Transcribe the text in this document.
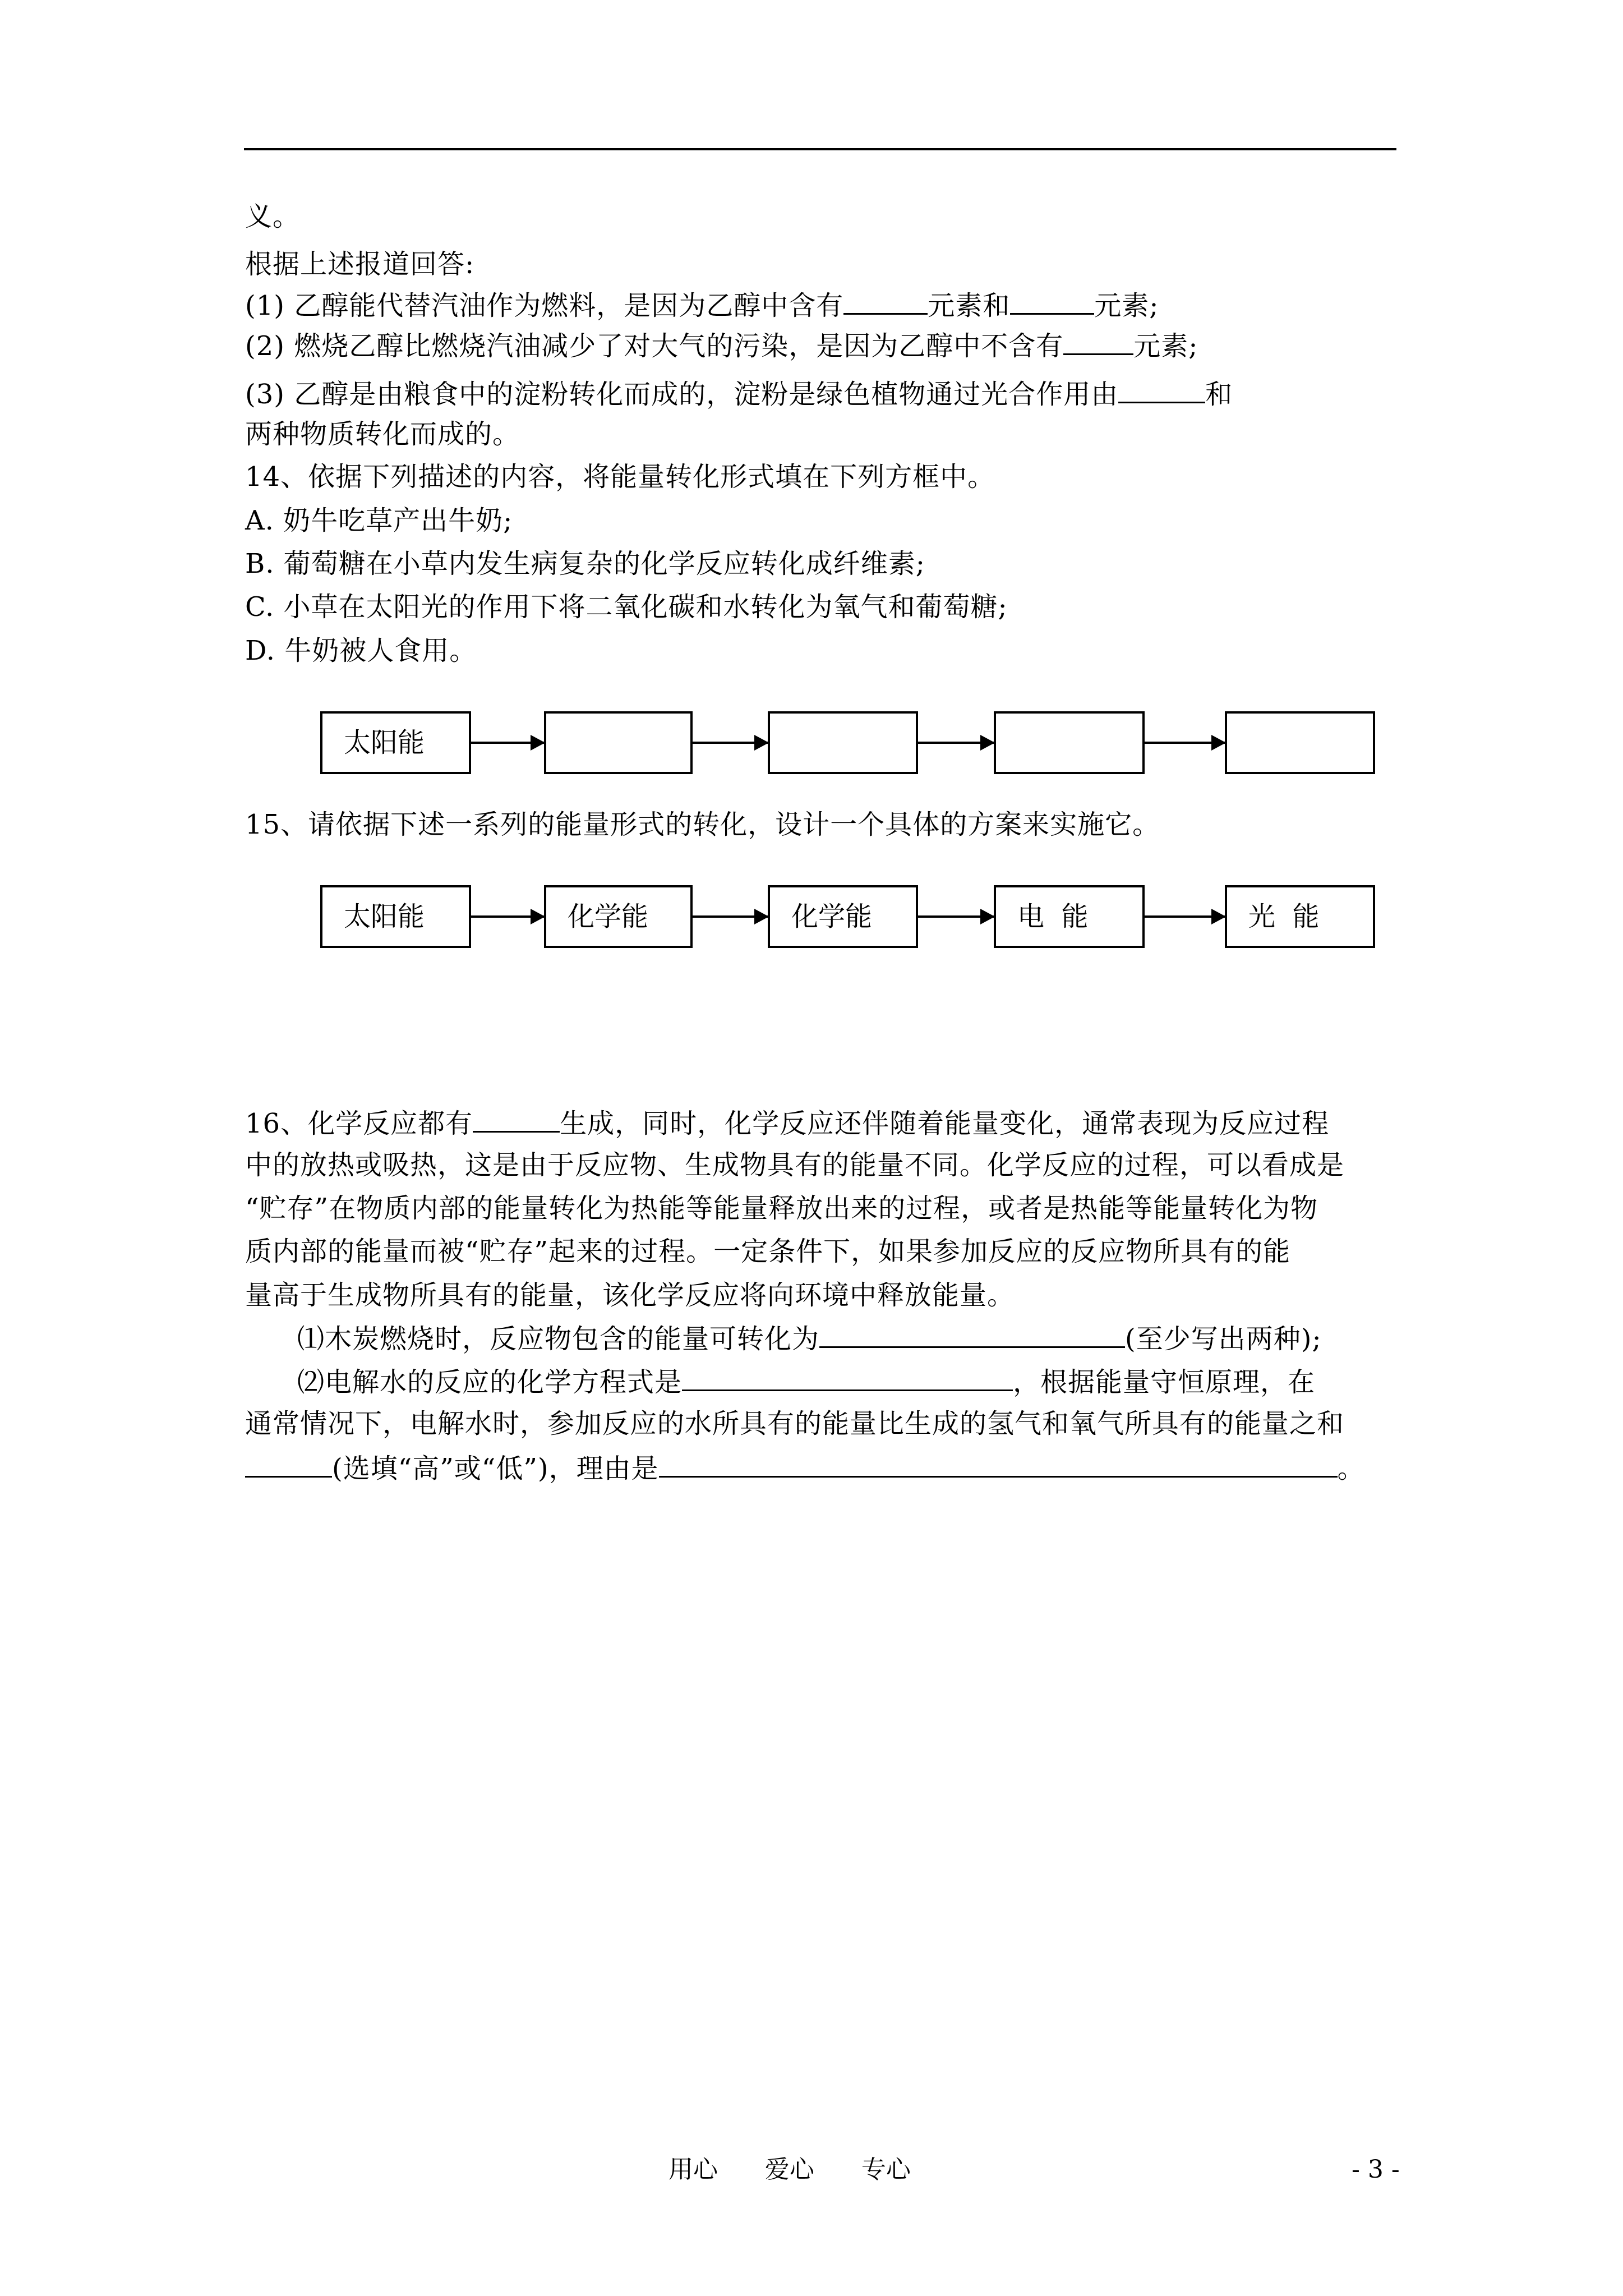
义。
根据上述报道回答:
(1) 乙醇能代替汽油作为燃料，是因为乙醇中含有	元素和	元素;
(2) 燃烧乙醇比燃烧汽油减少了对大气的污染，是因为乙醇中不含有	元素;
(3) 乙醇是由粮食中的淀粉转化而成的，淀粉是绿色植物通过光合作用由	和
两种物质转化而成的。
14、依据下列描述的内容，将能量转化形式填在下列方框中。
A. 奶牛吃草产出牛奶;
B. 葡萄糖在小草内发生病复杂的化学反应转化成纤维素;
C. 小草在太阳光的作用下将二氧化碳和水转化为氧气和葡萄糖;
D. 牛奶被人食用。
太阳能
15、请依据下述一系列的能量形式的转化，设计一个具体的方案来实施它。
太阳能	化学能	化学能	电  能	光  能
16、化学反应都有	生成，同时，化学反应还伴随着能量变化，通常表现为反应过程
中的放热或吸热，这是由于反应物、生成物具有的能量不同。化学反应的过程，可以看成是
“贮存”在物质内部的能量转化为热能等能量释放出来的过程，或者是热能等能量转化为物
质内部的能量而被“贮存”起来的过程。一定条件下，如果参加反应的反应物所具有的能
量高于生成物所具有的能量，该化学反应将向环境中释放能量。
⑴木炭燃烧时，反应物包含的能量可转化为	(至少写出两种);
⑵电解水的反应的化学方程式是	，根据能量守恒原理，在
通常情况下，电解水时，参加反应的水所具有的能量比生成的氢气和氧气所具有的能量之和
(选填“高”或“低”)，理由是	。
用心      爱心      专心	- 3 -
